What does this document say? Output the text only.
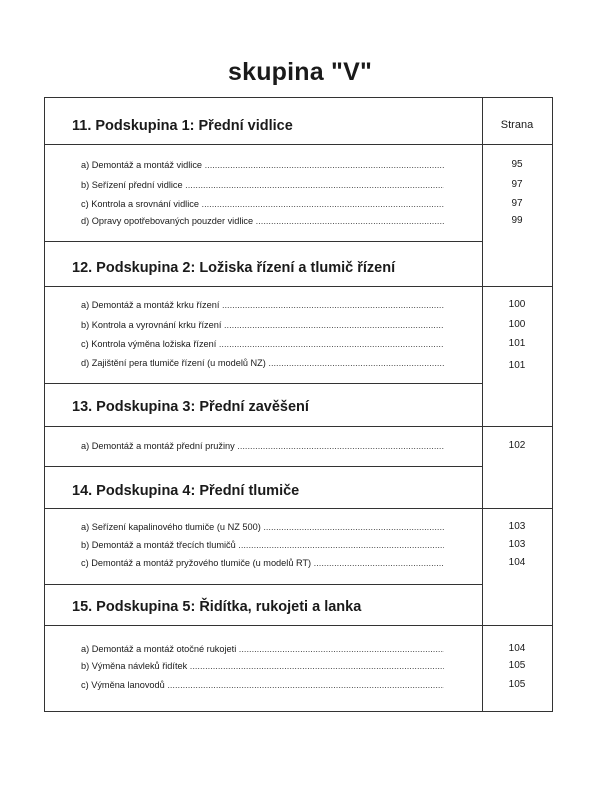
skupina "V"
Strana
11. Podskupina 1: Přední vidlice
a) Demontáž a montáž vidlice .....	95
b) Seřízení přední vidlice .....	97
c) Kontrola a srovnání vidlice .....	97
d) Opravy opotřebovaných pouzder vidlice .....	99
12. Podskupina 2: Ložiska řízení a tlumič řízení
a) Demontáž a montáž krku řízení .....	100
b) Kontrola a vyrovnání krku řízení .....	100
c) Kontrola výměna ložiska řízení .....	101
d) Zajištění pera tlumiče řízení (u modelů NZ) .....	101
13. Podskupina 3: Přední zavěšení
a) Demontáž a montáž přední pružiny .....	102
14. Podskupina 4: Přední tlumiče
a) Seřízení kapalinového tlumiče (u NZ 500) .....	103
b) Demontáž a montáž třecích tlumičů .....	103
c) Demontáž a montáž pryžového tlumiče (u modelů RT) .....	104
15. Podskupina 5: Řidítka, rukojeti a lanka
a) Demontáž a montáž otočné rukojeti .....	104
b) Výměna návleků řidítek .....	105
c) Výměna lanovodů .....	105
